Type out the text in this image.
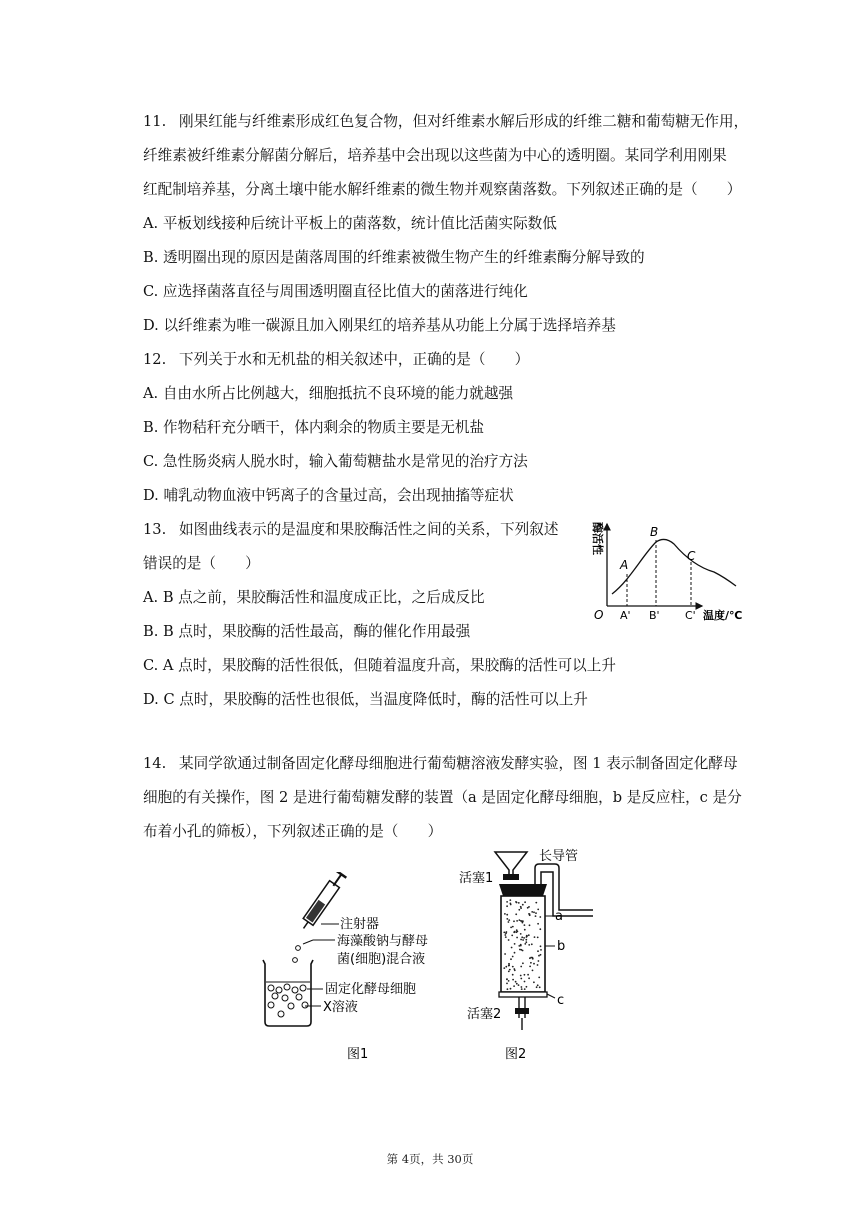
11. 刚果红能与纤维素形成红色复合物，但对纤维素水解后形成的纤维二糖和葡萄糖无作用，
纤维素被纤维素分解菌分解后，培养基中会出现以这些菌为中心的透明圈。某同学利用刚果
红配制培养基，分离土壤中能水解纤维素的微生物并观察菌落数。下列叙述正确的是（　　）
A. 平板划线接种后统计平板上的菌落数，统计值比活菌实际数低
B. 透明圈出现的原因是菌落周围的纤维素被微生物产生的纤维素酶分解导致的
C. 应选择菌落直径与周围透明圈直径比值大的菌落进行纯化
D. 以纤维素为唯一碳源且加入刚果红的培养基从功能上分属于选择培养基
12. 下列关于水和无机盐的相关叙述中，正确的是（　　）
A. 自由水所占比例越大，细胞抵抗不良环境的能力就越强
B. 作物秸秆充分晒干，体内剩余的物质主要是无机盐
C. 急性肠炎病人脱水时，输入葡萄糖盐水是常见的治疗方法
D. 哺乳动物血液中钙离子的含量过高，会出现抽搐等症状
13. 如图曲线表示的是温度和果胶酶活性之间的关系，下列叙述
错误的是（　　）
A. B 点之前，果胶酶活性和温度成正比，之后成反比
B. B 点时，果胶酶的活性最高，酶的催化作用最强
C. A 点时，果胶酶的活性很低，但随着温度升高，果胶酶的活性可以上升
D. C 点时，果胶酶的活性也很低，当温度降低时，酶的活性可以上升
酶活性
O
A
B
C
A' B' C' 温度/℃
14. 某同学欲通过制备固定化酵母细胞进行葡萄糖溶液发酵实验，图 1 表示制备固定化酵母
细胞的有关操作，图 2 是进行葡萄糖发酵的装置（a 是固定化酵母细胞，b 是反应柱，c 是分
布着小孔的筛板），下列叙述正确的是（　　）
注射器
海藻酸钠与酵母
菌(细胞)混合液
固定化酵母细胞
X溶液
图1
长导管
活塞1
a
b
c
活塞2
图2
第 4页，共 30页
